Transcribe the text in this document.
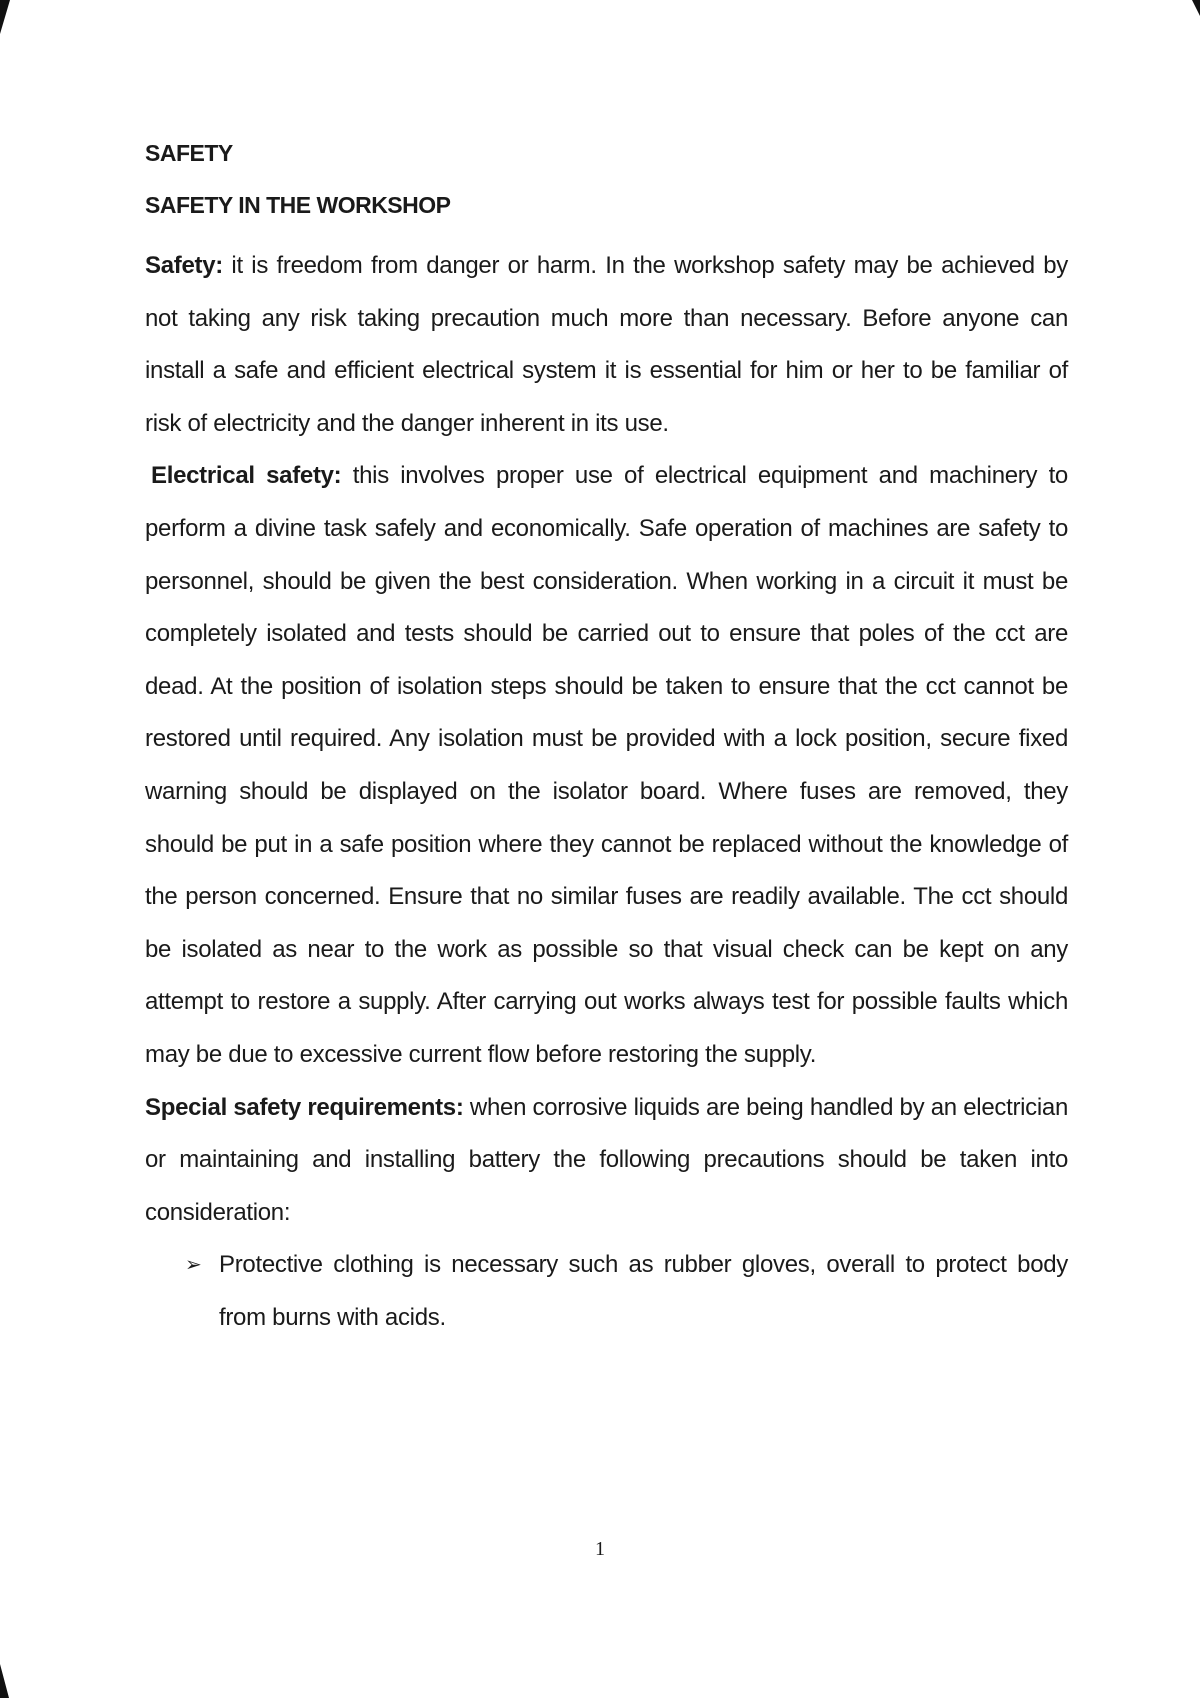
SAFETY
SAFETY IN THE WORKSHOP

Safety: it is freedom from danger or harm. In the workshop safety may be achieved by not taking any risk taking precaution much more than necessary. Before anyone can install a safe and efficient electrical system it is essential for him or her to be familiar of risk of electricity and the danger inherent in its use.

Electrical safety: this involves proper use of electrical equipment and machinery to perform a divine task safely and economically. Safe operation of machines are safety to personnel, should be given the best consideration. When working in a circuit it must be completely isolated and tests should be carried out to ensure that poles of the cct are dead. At the position of isolation steps should be taken to ensure that the cct cannot be restored until required. Any isolation must be provided with a lock position, secure fixed warning should be displayed on the isolator board. Where fuses are removed, they should be put in a safe position where they cannot be replaced without the knowledge of the person concerned. Ensure that no similar fuses are readily available. The cct should be isolated as near to the work as possible so that visual check can be kept on any attempt to restore a supply. After carrying out works always test for possible faults which may be due to excessive current flow before restoring the supply.

Special safety requirements: when corrosive liquids are being handled by an electrician or maintaining and installing battery the following precautions should be taken into consideration:

➢ Protective clothing is necessary such as rubber gloves, overall to protect body from burns with acids.
1
